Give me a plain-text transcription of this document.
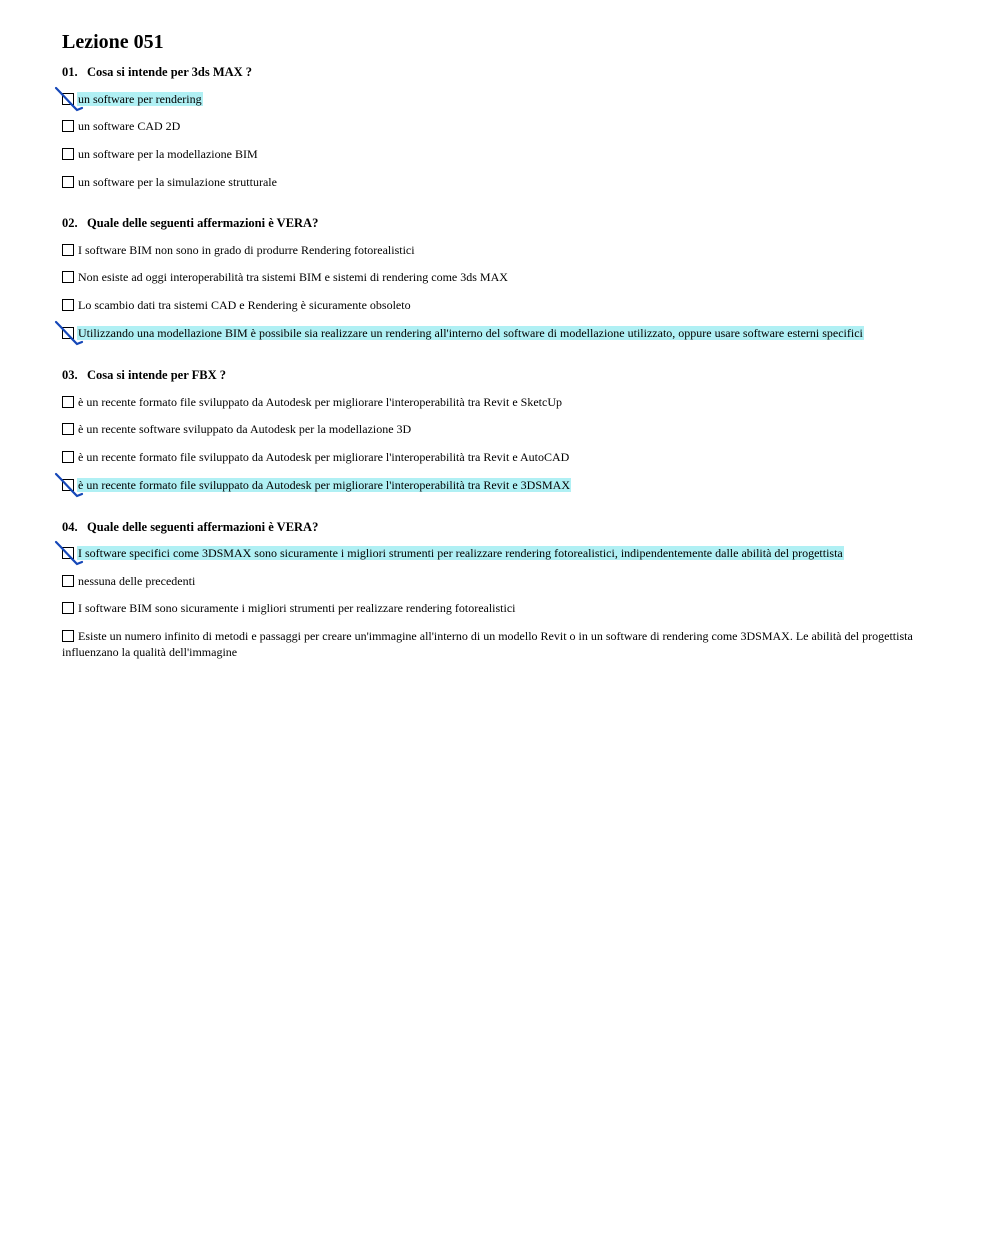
Lezione 051
01. Cosa si intende per 3ds MAX ?
un software per rendering
un software CAD 2D
un software per la modellazione BIM
un software per la simulazione strutturale
02. Quale delle seguenti affermazioni è VERA?
I software BIM non sono in grado di produrre Rendering fotorealistici
Non esiste ad oggi interoperabilità tra sistemi BIM e sistemi di rendering come 3ds MAX
Lo scambio dati tra sistemi CAD e Rendering è sicuramente obsoleto
Utilizzando una modellazione BIM è possibile sia realizzare un rendering all'interno del software di modellazione utilizzato, oppure usare software esterni specifici
03. Cosa si intende per FBX ?
è un recente formato file sviluppato da Autodesk per migliorare l'interoperabilità tra Revit e SketcUp
è un recente software sviluppato da Autodesk per la modellazione 3D
è un recente formato file sviluppato da Autodesk per migliorare l'interoperabilità tra Revit e AutoCAD
è un recente formato file sviluppato da Autodesk per migliorare l'interoperabilità tra Revit e 3DSMAX
04. Quale delle seguenti affermazioni è VERA?
I software specifici come 3DSMAX sono sicuramente i migliori strumenti per realizzare rendering fotorealistici, indipendentemente dalle abilità del progettista
nessuna delle precedenti
I software BIM sono sicuramente i migliori strumenti per realizzare rendering fotorealistici
Esiste un numero infinito di metodi e passaggi per creare un'immagine all'interno di un modello Revit o in un software di rendering come 3DSMAX. Le abilità del progettista influenzano la qualità dell'immagine
